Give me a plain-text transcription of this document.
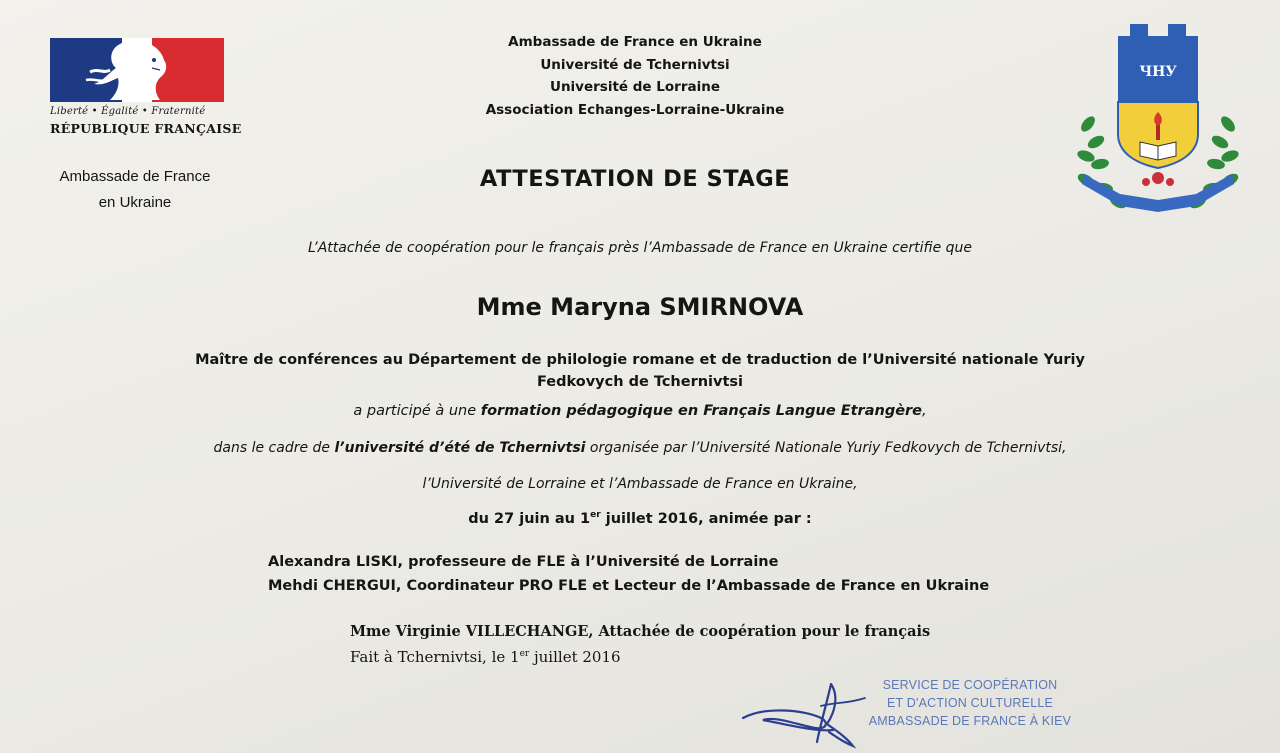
Liberté • Égalité • Fraternité
RÉPUBLIQUE FRANÇAISE
Ambassade de France
en Ukraine
Ambassade de France en Ukraine
Université de Tchernivtsi
Université de Lorraine
Association Echanges-Lorraine-Ukraine
ЧНУ
ATTESTATION DE STAGE
L’Attachée de coopération pour le français près l’Ambassade de France en Ukraine certifie que
Mme Maryna SMIRNOVA
Maître de conférences au Département de philologie romane et de traduction de l’Université nationale Yuriy
Fedkovych de Tchernivtsi
a participé à une formation pédagogique en Français Langue Etrangère,
dans le cadre de l’université d’été de Tchernivtsi organisée par l’Université Nationale Yuriy Fedkovych de Tchernivtsi,
l’Université de Lorraine et l’Ambassade de France en Ukraine,
du 27 juin au 1er juillet 2016, animée par :
Alexandra LISKI, professeure de FLE à l’Université de Lorraine
Mehdi CHERGUI, Coordinateur PRO FLE et Lecteur de l’Ambassade de France en Ukraine
Mme Virginie VILLECHANGE, Attachée de coopération pour le français
Fait à Tchernivtsi, le 1er juillet 2016
SERVICE DE COOPÉRATION
ET D'ACTION CULTURELLE
AMBASSADE DE FRANCE À KIEV
